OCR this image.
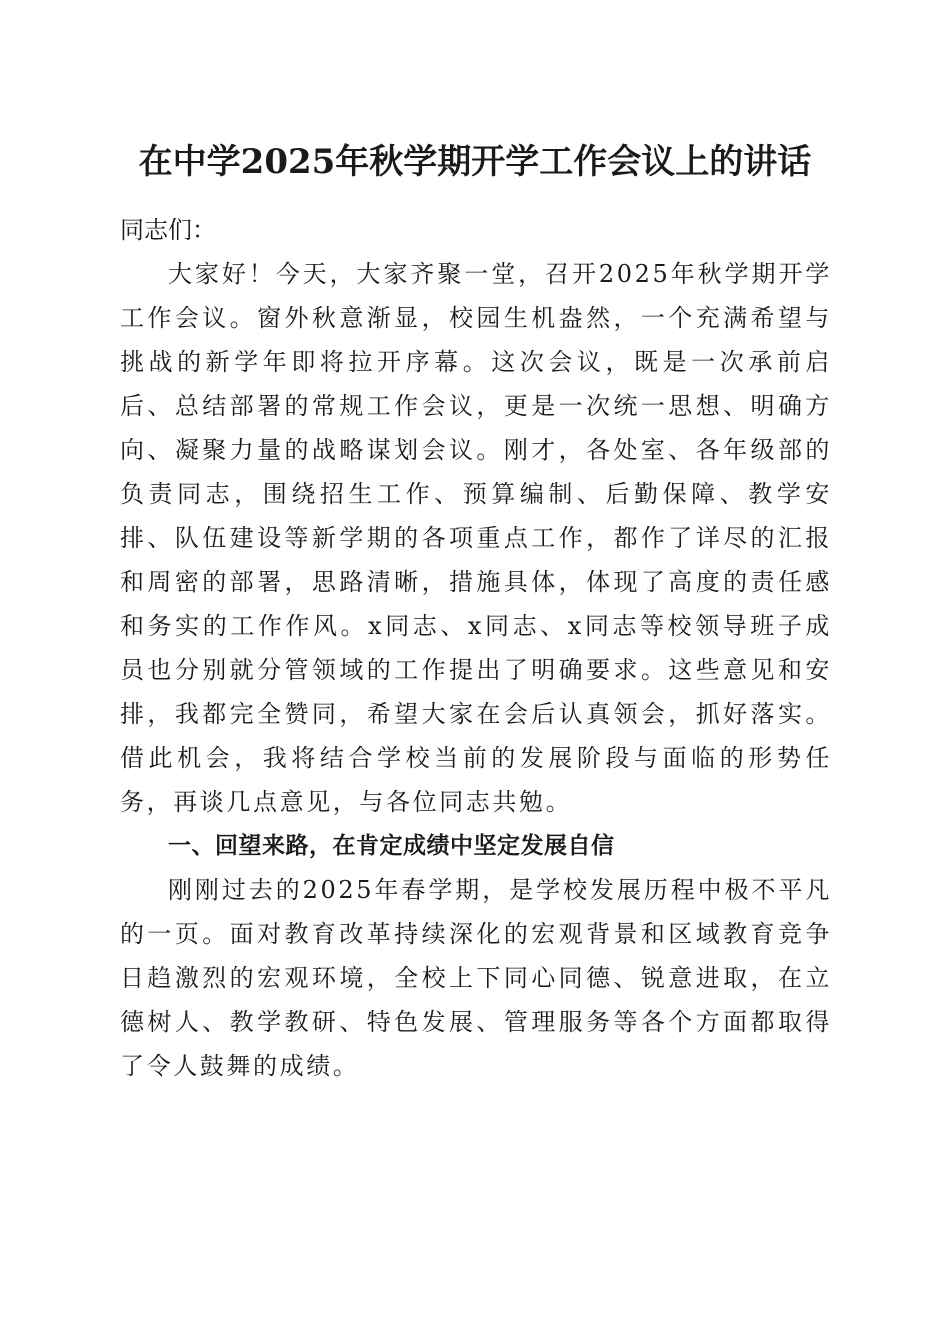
在中学2025年秋学期开学工作会议上的讲话

同志们：

大家好！今天，大家齐聚一堂，召开2025年秋学期开学工作会议。窗外秋意渐显，校园生机盎然，一个充满希望与挑战的新学年即将拉开序幕。这次会议，既是一次承前启后、总结部署的常规工作会议，更是一次统一思想、明确方向、凝聚力量的战略谋划会议。刚才，各处室、各年级部的负责同志，围绕招生工作、预算编制、后勤保障、教学安排、队伍建设等新学期的各项重点工作，都作了详尽的汇报和周密的部署，思路清晰，措施具体，体现了高度的责任感和务实的工作作风。x同志、x同志、x同志等校领导班子成员也分别就分管领域的工作提出了明确要求。这些意见和安排，我都完全赞同，希望大家在会后认真领会，抓好落实。借此机会，我将结合学校当前的发展阶段与面临的形势任务，再谈几点意见，与各位同志共勉。

一、回望来路，在肯定成绩中坚定发展自信

刚刚过去的2025年春学期，是学校发展历程中极不平凡的一页。面对教育改革持续深化的宏观背景和区域教育竞争日趋激烈的宏观环境，全校上下同心同德、锐意进取，在立德树人、教学教研、特色发展、管理服务等各个方面都取得了令人鼓舞的成绩。
